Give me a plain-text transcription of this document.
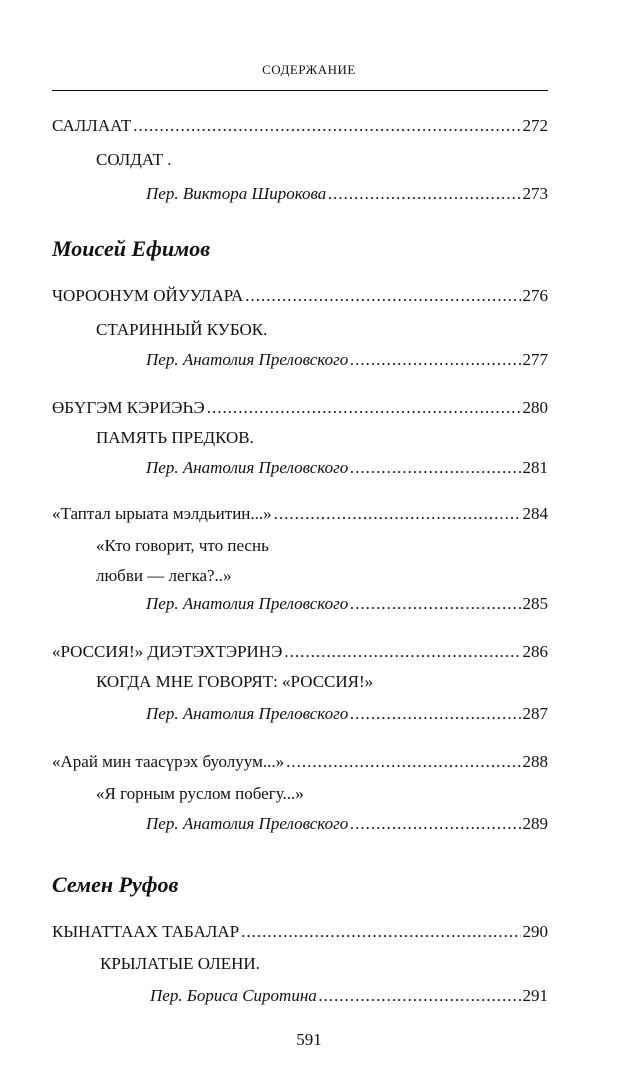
СОДЕРЖАНИЕ
САЛЛААТ .....	272
СОЛДАТ .
Пер. Виктора Широкова .....	273
Моисей Ефимов
ЧОРООНУМ ОЙУУЛАРА .....	276
СТАРИННЫЙ КУБОК.
Пер. Анатолия Преловского .....	277
ӨБҮГЭМ КЭРИЭҺЭ .....	280
ПАМЯТЬ ПРЕДКОВ.
Пер. Анатолия Преловского .....	281
«Таптал ырыата мэлдьитин...» .....	284
«Кто говорит, что песнь
любви — легка?..»
Пер. Анатолия Преловского .....	285
«РОССИЯ!» ДИЭТЭХТЭРИНЭ .....	286
КОГДА МНЕ ГОВОРЯТ: «РОССИЯ!»
Пер. Анатолия Преловского .....	287
«Арай мин таасүрэх буолуум...» .....	288
«Я горным руслом побегу...»
Пер. Анатолия Преловского .....	289
Семен Руфов
КЫНАТТААХ ТАБАЛАР .....	290
КРЫЛАТЫЕ ОЛЕНИ.
Пер. Бориса Сиротина .....	291
591
